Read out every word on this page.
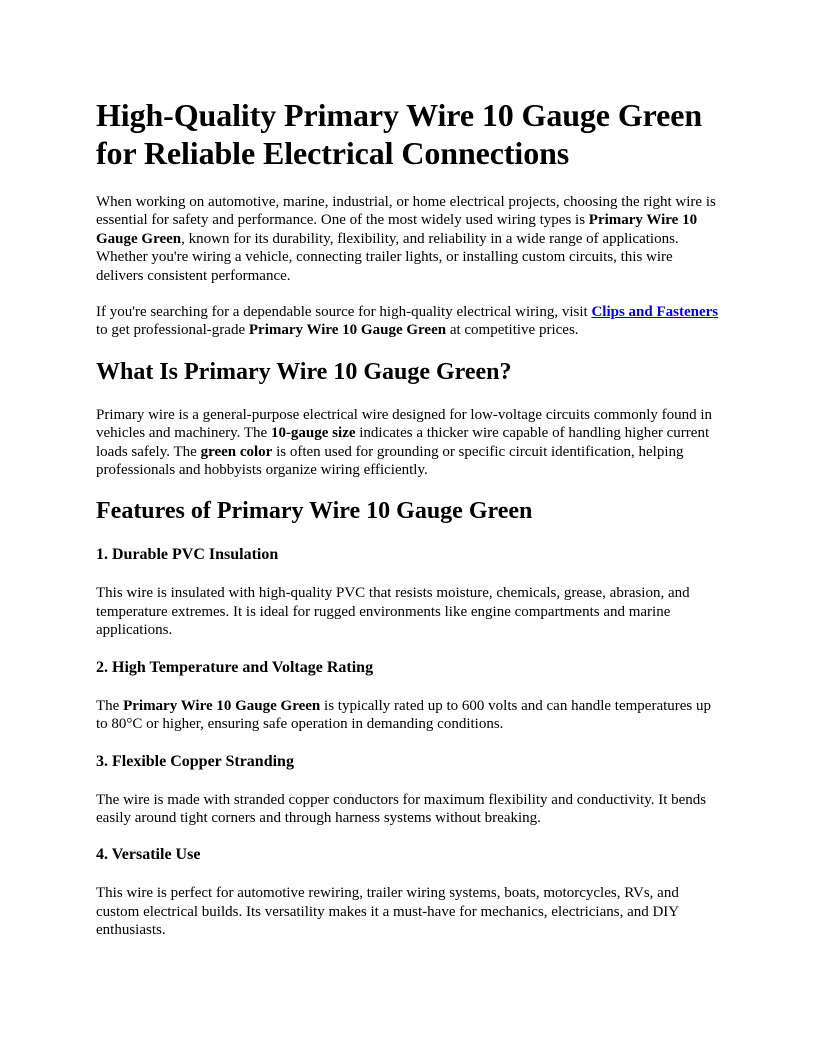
High-Quality Primary Wire 10 Gauge Green for Reliable Electrical Connections

When working on automotive, marine, industrial, or home electrical projects, choosing the right wire is essential for safety and performance. One of the most widely used wiring types is Primary Wire 10 Gauge Green, known for its durability, flexibility, and reliability in a wide range of applications. Whether you're wiring a vehicle, connecting trailer lights, or installing custom circuits, this wire delivers consistent performance.

If you're searching for a dependable source for high-quality electrical wiring, visit Clips and Fasteners to get professional-grade Primary Wire 10 Gauge Green at competitive prices.

What Is Primary Wire 10 Gauge Green?

Primary wire is a general-purpose electrical wire designed for low-voltage circuits commonly found in vehicles and machinery. The 10-gauge size indicates a thicker wire capable of handling higher current loads safely. The green color is often used for grounding or specific circuit identification, helping professionals and hobbyists organize wiring efficiently.

Features of Primary Wire 10 Gauge Green
1. Durable PVC Insulation

This wire is insulated with high-quality PVC that resists moisture, chemicals, grease, abrasion, and temperature extremes. It is ideal for rugged environments like engine compartments and marine applications.

2. High Temperature and Voltage Rating

The Primary Wire 10 Gauge Green is typically rated up to 600 volts and can handle temperatures up to 80°C or higher, ensuring safe operation in demanding conditions.

3. Flexible Copper Stranding

The wire is made with stranded copper conductors for maximum flexibility and conductivity. It bends easily around tight corners and through harness systems without breaking.

4. Versatile Use

This wire is perfect for automotive rewiring, trailer wiring systems, boats, motorcycles, RVs, and custom electrical builds. Its versatility makes it a must-have for mechanics, electricians, and DIY enthusiasts.
